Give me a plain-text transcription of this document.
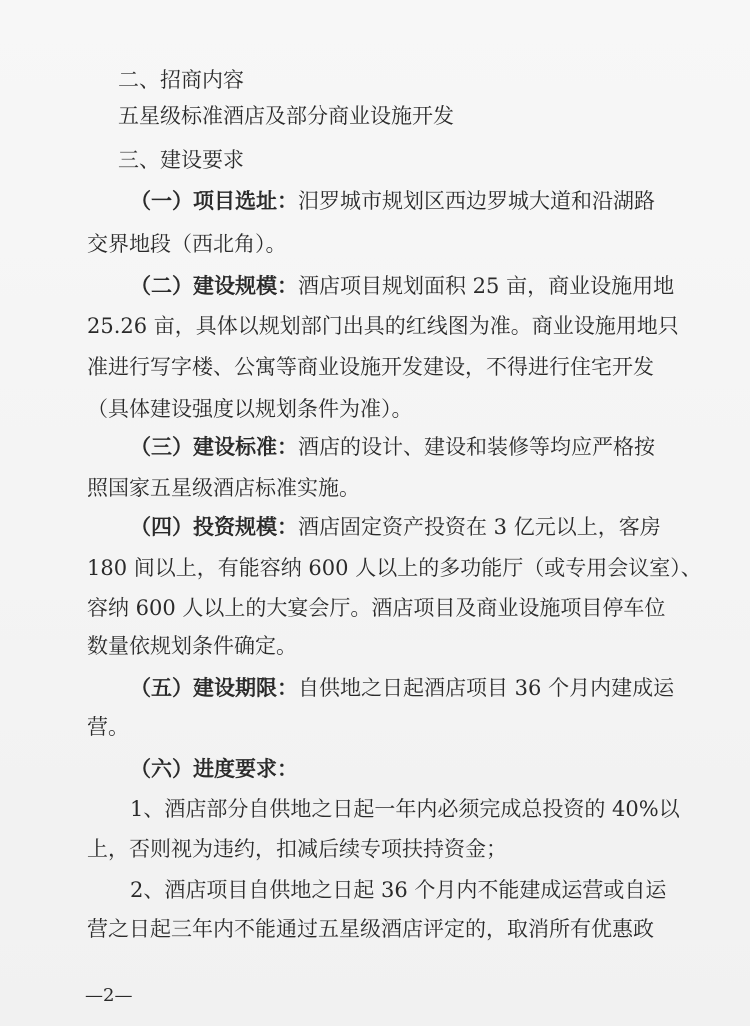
二、招商内容
五星级标准酒店及部分商业设施开发
三、建设要求
（一）项目选址：汨罗城市规划区西边罗城大道和沿湖路
交界地段（西北角）。
（二）建设规模：酒店项目规划面积 25 亩，商业设施用地
25.26 亩，具体以规划部门出具的红线图为准。商业设施用地只
准进行写字楼、公寓等商业设施开发建设，不得进行住宅开发
（具体建设强度以规划条件为准）。
（三）建设标准：酒店的设计、建设和装修等均应严格按
照国家五星级酒店标准实施。
（四）投资规模：酒店固定资产投资在 3 亿元以上，客房
180 间以上，有能容纳 600 人以上的多功能厅（或专用会议室）、
容纳 600 人以上的大宴会厅。酒店项目及商业设施项目停车位
数量依规划条件确定。
（五）建设期限：自供地之日起酒店项目 36 个月内建成运
营。
（六）进度要求：
1、酒店部分自供地之日起一年内必须完成总投资的 40%以
上，否则视为违约，扣减后续专项扶持资金；
2、酒店项目自供地之日起 36 个月内不能建成运营或自运
营之日起三年内不能通过五星级酒店评定的，取消所有优惠政
—2—
